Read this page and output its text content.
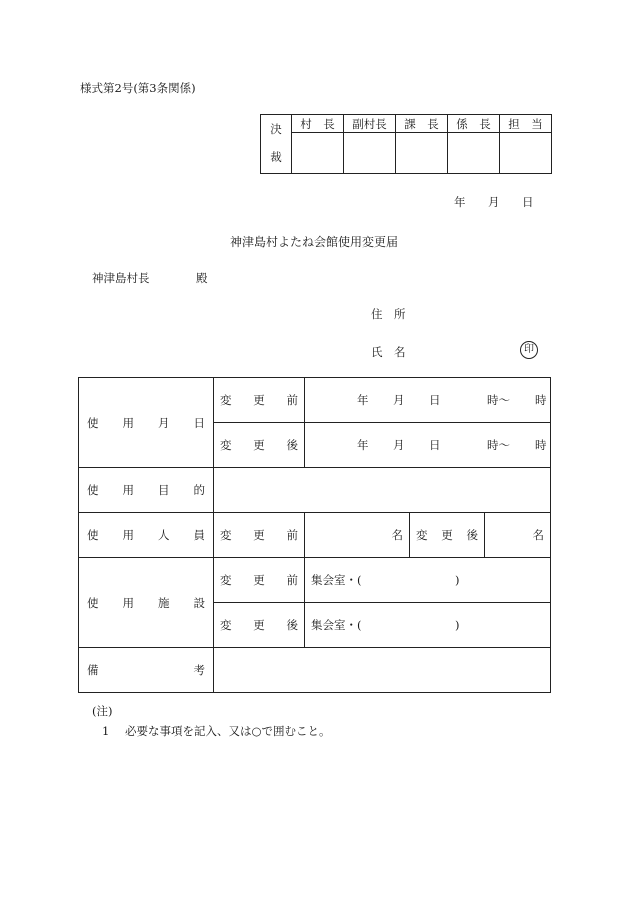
様式第2号(第3条関係)
決 裁	村　長	副村長	課　長	係　長	担　当

年 月 日
神津島村よたね会館使用変更届
神津島村長	殿
住　所
氏　名	印
使 用 月 日	変 更 前	年 月 日 時～ 時		

	変 更 後	年 月 日 時～ 時		

使 用 目 的				

使 用 人 員	変 更 前	名	変 更 後	名

使 用 施 設	変 更 前	集会室・( )		

	変 更 後	集会室・( )		

備 考				

(注)
1 必要な事項を記入、又は○で囲むこと。
